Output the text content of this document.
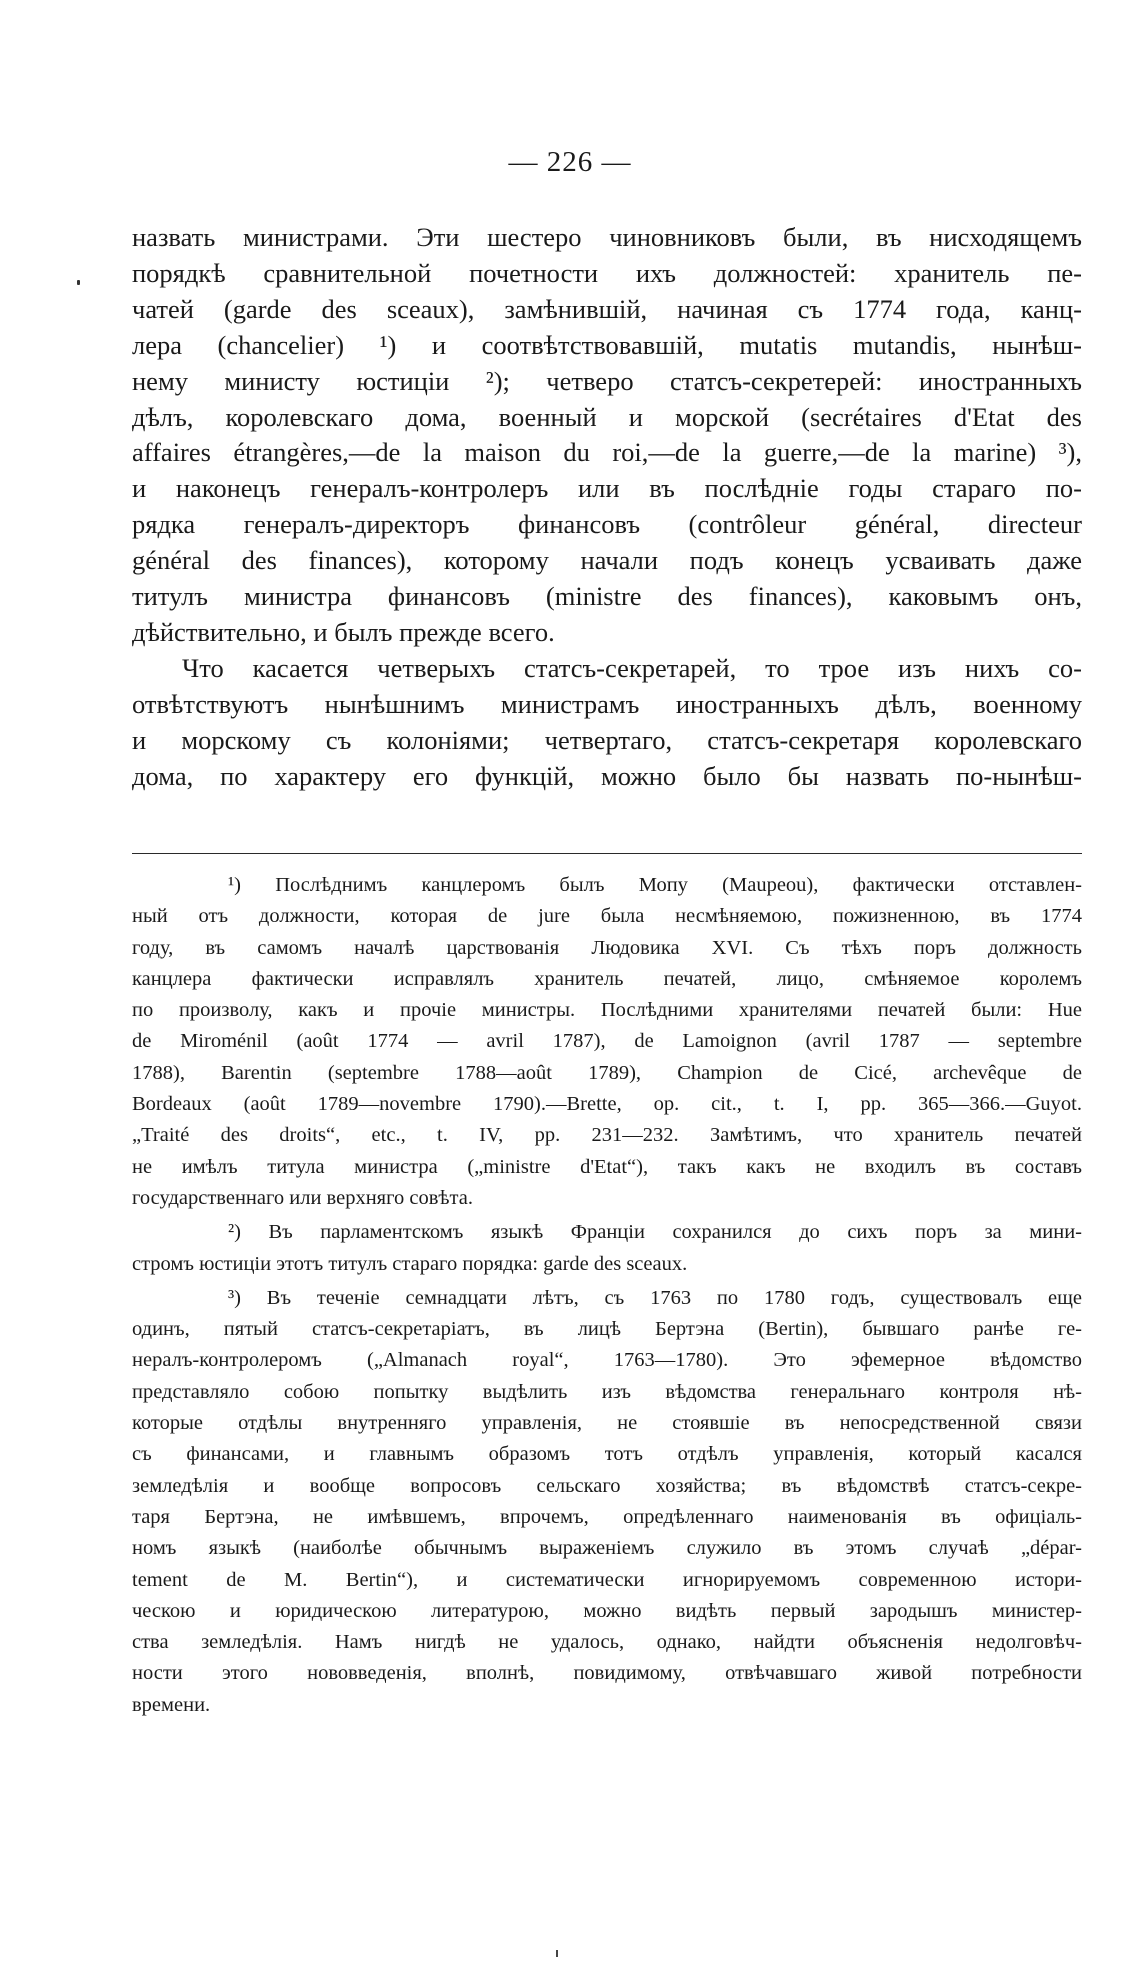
— 226 —

назвать министрами. Эти шестеро чиновниковъ были, въ нисходящемъ
порядкѣ сравнительной почетности ихъ должностей: хранитель пе-
чатей (garde des sceaux), замѣнившій, начиная съ 1774 года, канц-
лера (chancelier) ¹) и соотвѣтствовавшій, mutatis mutandis, нынѣш-
нему министу юстиціи ²); четверо статсъ-секретерей: иностранныхъ
дѣлъ, королевскаго дома, военный и морской (secrétaires d'Etat des
affaires étrangères,—de la maison du roi,—de la guerre,—de la marine) ³),
и наконецъ генералъ-контролеръ или въ послѣдніе годы стараго по-
рядка генералъ-директоръ финансовъ (contrôleur général, directeur
général des finances), которому начали подъ конецъ усваивать даже
титулъ министра финансовъ (ministre des finances), каковымъ онъ,
дѣйствительно, и былъ прежде всего.

Что касается четверыхъ статсъ-секретарей, то трое изъ нихъ со-
отвѣтствуютъ нынѣшнимъ министрамъ иностранныхъ дѣлъ, военному
и морскому съ колоніями; четвертаго, статсъ-секретаря королевскаго
дома, по характеру его функцій, можно было бы назвать по-нынѣш-

¹) Послѣднимъ канцлеромъ былъ Мопу (Maupeou), фактически отставлен-
ный отъ должности, которая de jure была несмѣняемою, пожизненною, въ 1774
году, въ самомъ началѣ царствованія Людовика XVI. Съ тѣхъ поръ должность
канцлера фактически исправлялъ хранитель печатей, лицо, смѣняемое королемъ
по произволу, какъ и прочіе министры. Послѣдними хранителями печатей были: Hue
de Miroménil (août 1774 — avril 1787), de Lamoignon (avril 1787 — septembre
1788), Barentin (septembre 1788—août 1789), Champion de Cicé, archevêque de
Bordeaux (août 1789—novembre 1790).—Brette, op. cit., t. I, pp. 365—366.—Guyot.
„Traité des droits“, etc., t. IV, pp. 231—232. Замѣтимъ, что хранитель печатей
не имѣлъ титула министра („ministre d'Etat“), такъ какъ не входилъ въ составъ
государственнаго или верхняго совѣта.
²) Въ парламентскомъ языкѣ Франціи сохранился до сихъ поръ за мини-
стромъ юстиціи этотъ титулъ стараго порядка: garde des sceaux.
³) Въ теченіе семнадцати лѣтъ, съ 1763 по 1780 годъ, существовалъ еще
одинъ, пятый статсъ-секретаріатъ, въ лицѣ Бертэна (Bertin), бывшаго ранѣе ге-
нералъ-контролеромъ („Almanach royal“, 1763—1780). Это эфемерное вѣдомство
представляло собою попытку выдѣлить изъ вѣдомства генеральнаго контроля нѣ-
которые отдѣлы внутренняго управленія, не стоявшіе въ непосредственной связи
съ финансами, и главнымъ образомъ тотъ отдѣлъ управленія, который касался
земледѣлія и вообще вопросовъ сельскаго хозяйства; въ вѣдомствѣ статсъ-секре-
таря Бертэна, не имѣвшемъ, впрочемъ, опредѣленнаго наименованія въ офиціаль-
номъ языкѣ (наиболѣе обычнымъ выраженіемъ служило въ этомъ случаѣ „dépar-
tement de M. Bertin“), и систематически игнорируемомъ современною истори-
ческою и юридическою литературою, можно видѣть первый зародышъ министер-
ства земледѣлія. Намъ нигдѣ не удалось, однако, найдти объясненія недолговѣч-
ности этого нововведенія, вполнѣ, повидимому, отвѣчавшаго живой потребности
времени.
